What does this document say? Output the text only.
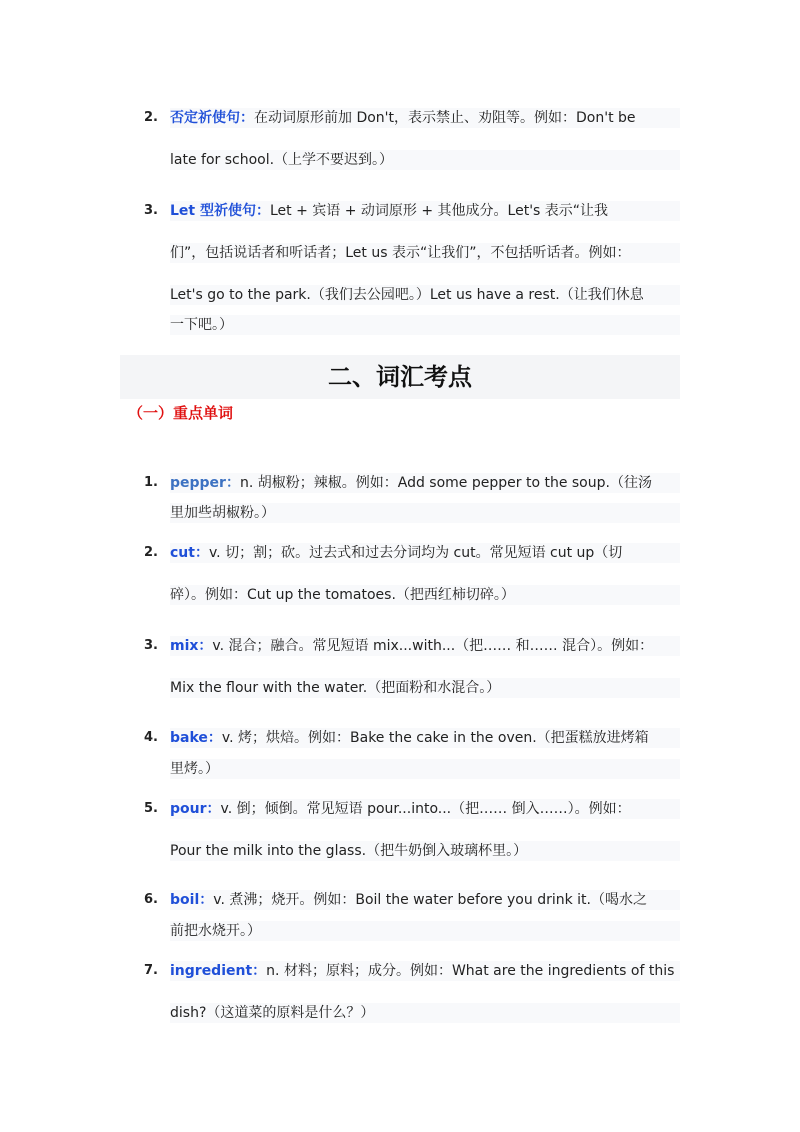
2. 否定祈使句：在动词原形前加 Don't，表示禁止、劝阻等。例如：Don't be
late for school.（上学不要迟到。）
3. Let 型祈使句：Let + 宾语 + 动词原形 + 其他成分。Let's 表示“让我
们”，包括说话者和听话者；Let us 表示“让我们”，不包括听话者。例如：
Let's go to the park.（我们去公园吧。）Let us have a rest.（让我们休息
一下吧。）
二、词汇考点
（一）重点单词
1. pepper：n. 胡椒粉；辣椒。例如：Add some pepper to the soup.（往汤
里加些胡椒粉。）
2. cut：v. 切；割；砍。过去式和过去分词均为 cut。常见短语 cut up（切
碎）。例如：Cut up the tomatoes.（把西红柿切碎。）
3. mix：v. 混合；融合。常见短语 mix...with...（把…… 和…… 混合）。例如：
Mix the flour with the water.（把面粉和水混合。）
4. bake：v. 烤；烘焙。例如：Bake the cake in the oven.（把蛋糕放进烤箱
里烤。）
5. pour：v. 倒；倾倒。常见短语 pour...into...（把…… 倒入……）。例如：
Pour the milk into the glass.（把牛奶倒入玻璃杯里。）
6. boil：v. 煮沸；烧开。例如：Boil the water before you drink it.（喝水之
前把水烧开。）
7. ingredient：n. 材料；原料；成分。例如：What are the ingredients of this
dish?（这道菜的原料是什么？）
